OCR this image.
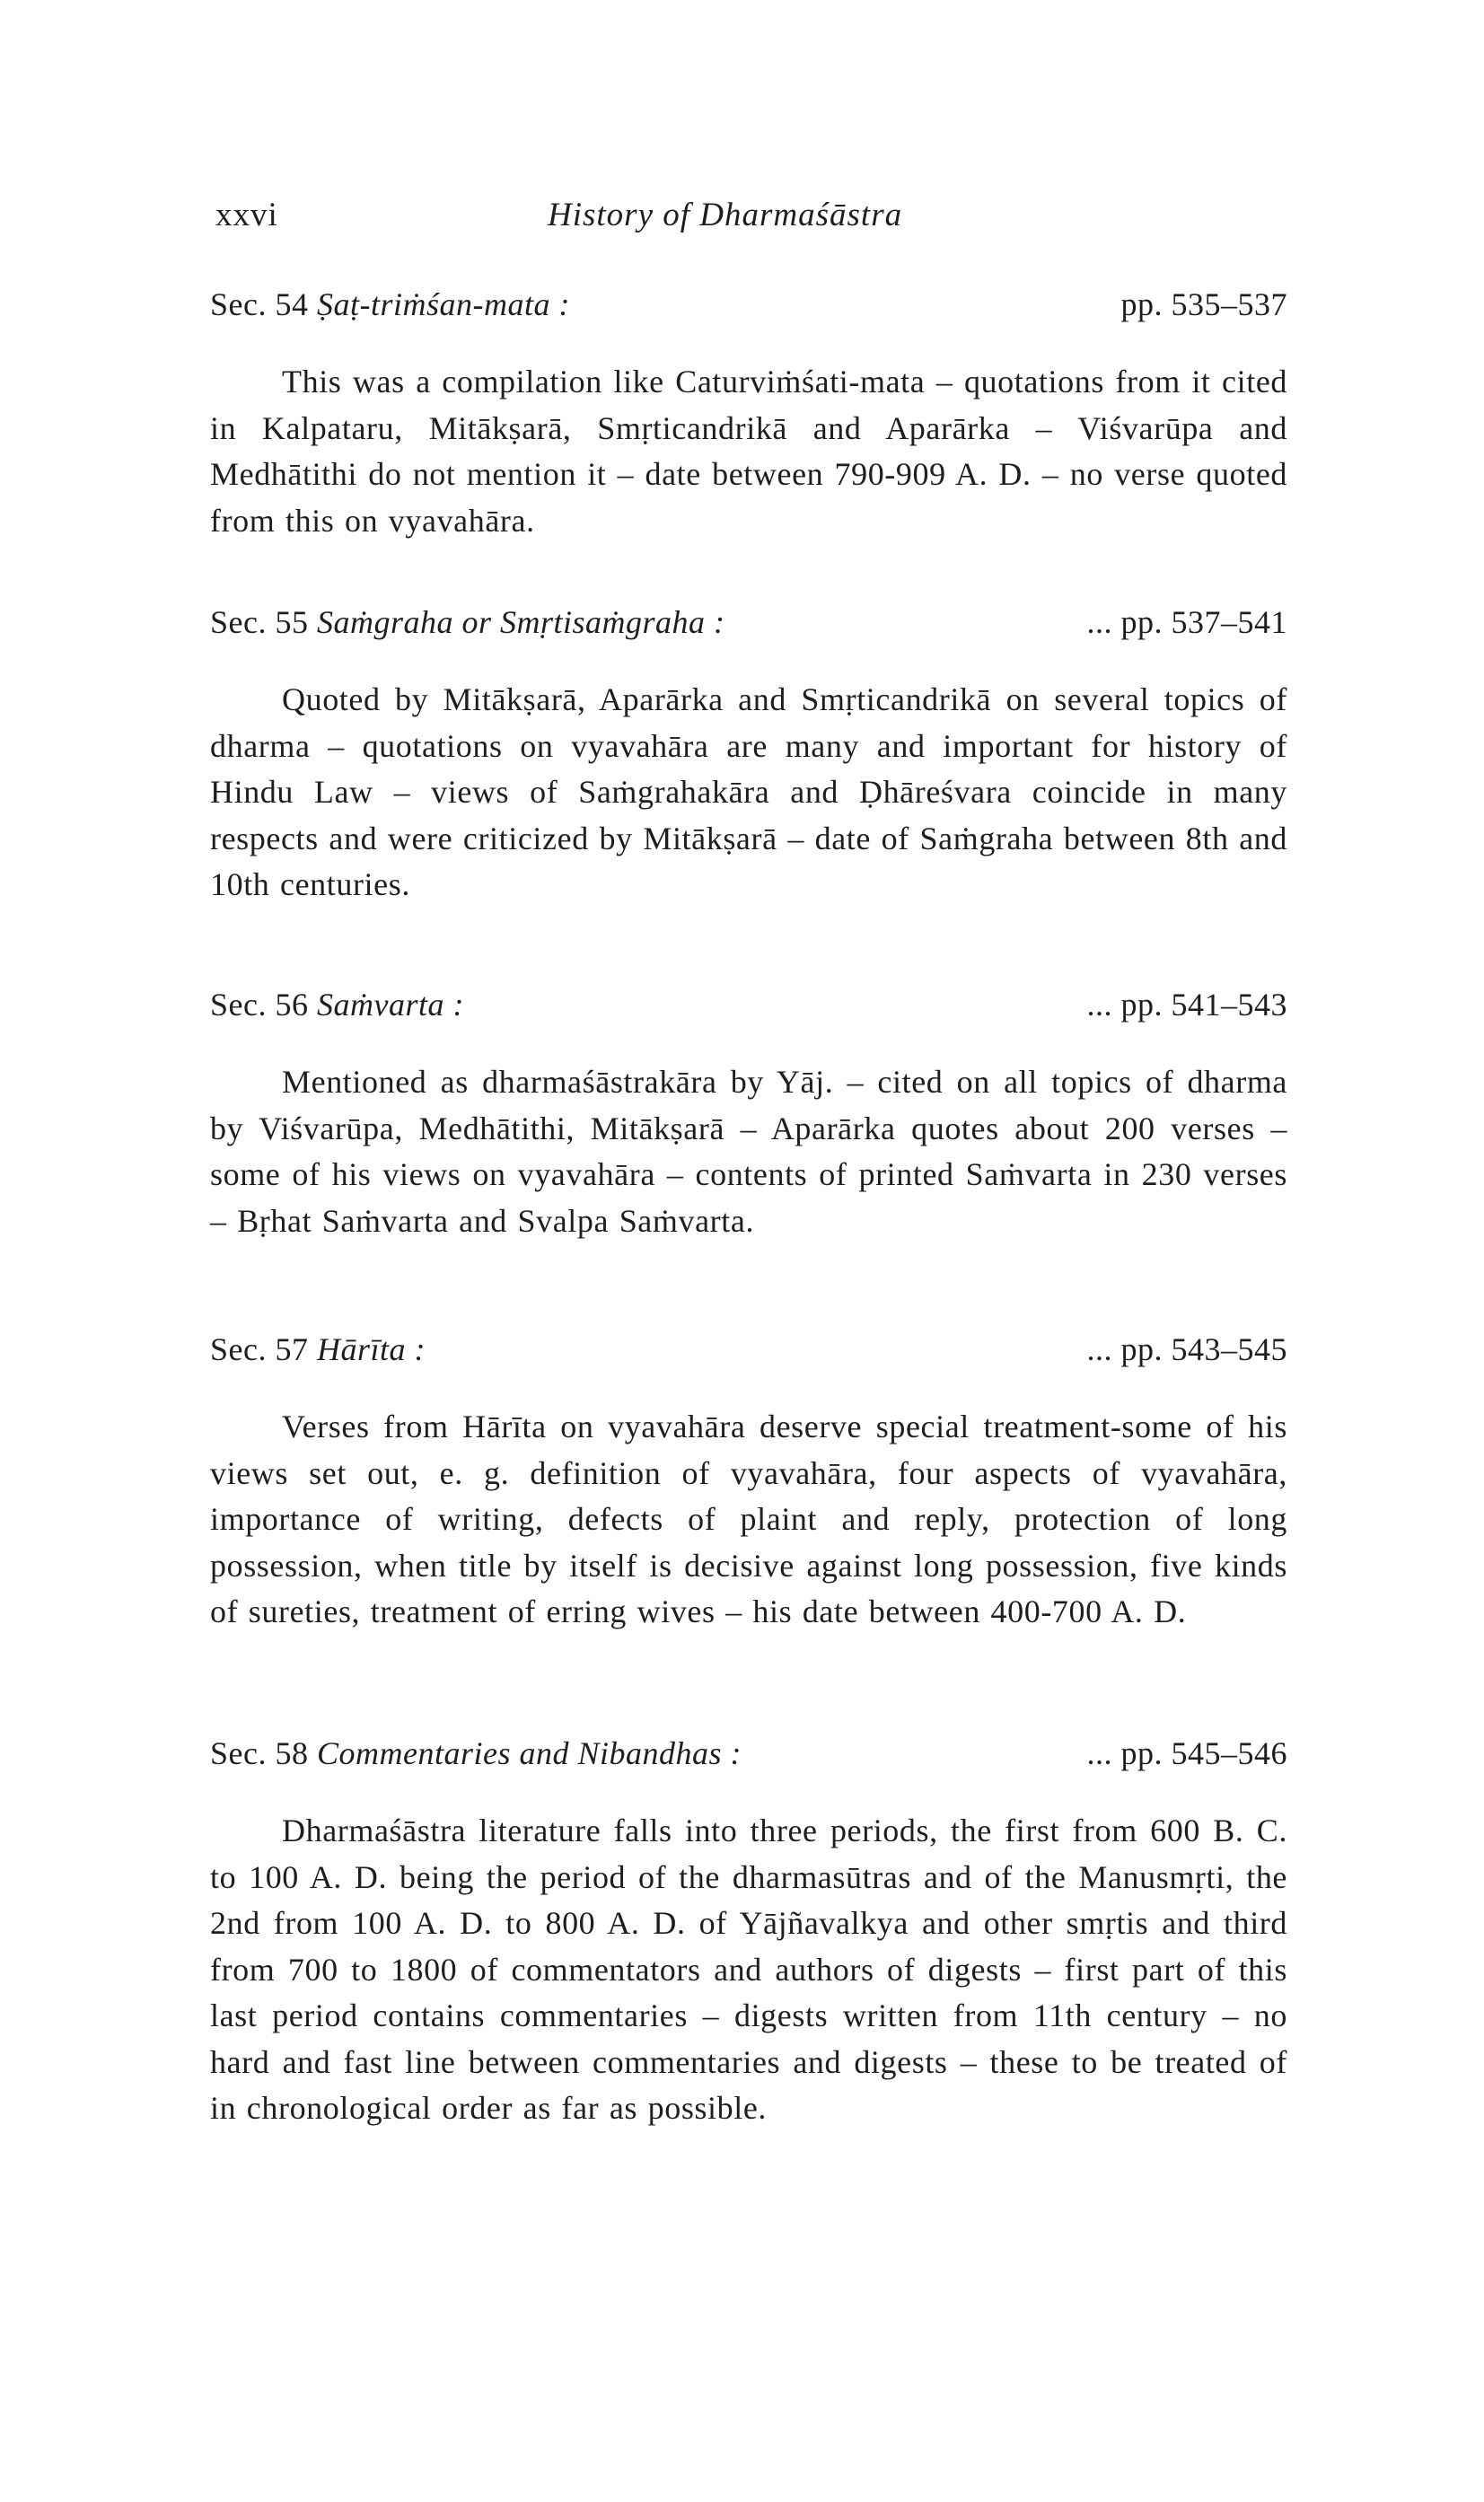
xxvi	History of Dharmaśāstra
Sec. 54 Ṣaṭ-triṁśan-mata :	pp. 535–537

This was a compilation like Caturviṁśati-mata – quotations from it cited in Kalpataru, Mitākṣarā, Smṛticandrikā and Aparārka – Viśvarūpa and Medhātithi do not mention it – date between 790-909 A. D. – no verse quoted from this on vyavahāra.

Sec. 55 Saṁgraha or Smṛtisaṁgraha :	... pp. 537–541

Quoted by Mitākṣarā, Aparārka and Smṛticandrikā on several topics of dharma – quotations on vyavahāra are many and important for history of Hindu Law – views of Saṁgrahakāra and Ḍhāreśvara coincide in many respects and were criticized by Mitākṣarā – date of Saṁgraha between 8th and 10th centuries.

Sec. 56 Saṁvarta :	... pp. 541–543

Mentioned as dharmaśāstrakāra by Yāj. – cited on all topics of dharma by Viśvarūpa, Medhātithi, Mitākṣarā – Aparārka quotes about 200 verses – some of his views on vyavahāra – contents of printed Saṁvarta in 230 verses – Bṛhat Saṁvarta and Svalpa Saṁvarta.

Sec. 57 Hārīta :	... pp. 543–545

Verses from Hārīta on vyavahāra deserve special treatment-some of his views set out, e. g. definition of vyavahāra, four aspects of vyavahāra, importance of writing, defects of plaint and reply, protection of long possession, when title by itself is decisive against long possession, five kinds of sureties, treatment of erring wives – his date between 400-700 A. D.

Sec. 58 Commentaries and Nibandhas :	... pp. 545–546

Dharmaśāstra literature falls into three periods, the first from 600 B. C. to 100 A. D. being the period of the dharmasūtras and of the Manusmṛti, the 2nd from 100 A. D. to 800 A. D. of Yājñavalkya and other smṛtis and third from 700 to 1800 of commentators and authors of digests – first part of this last period contains commentaries – digests written from 11th century – no hard and fast line between commentaries and digests – these to be treated of in chronological order as far as possible.
